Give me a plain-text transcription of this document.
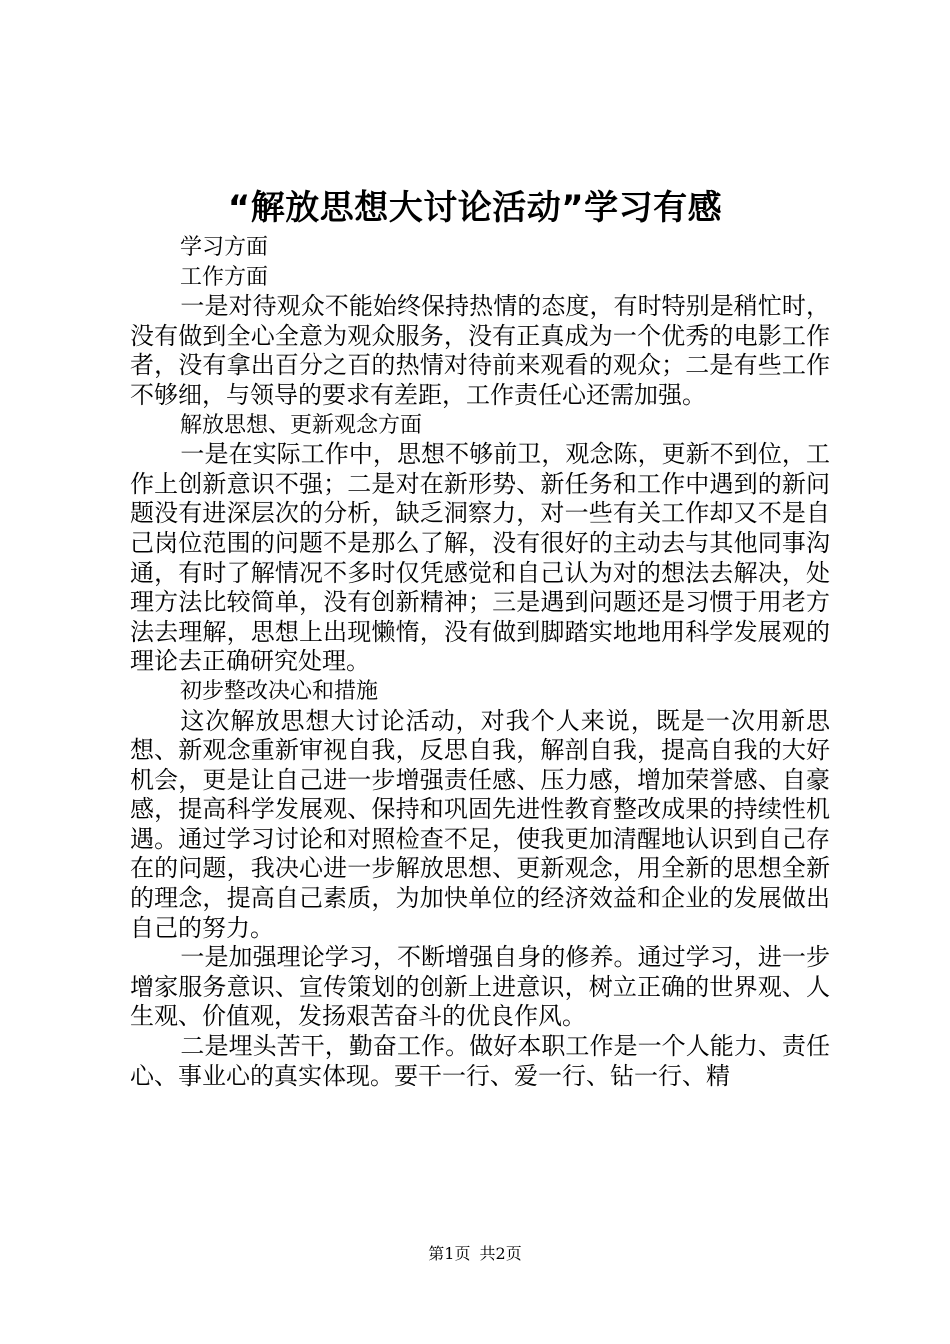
“解放思想大讨论活动”学习有感
学习方面
工作方面

一是对待观众不能始终保持热情的态度，有时特别是稍忙时，没有做到全心全意为观众服务，没有正真成为一个优秀的电影工作者，没有拿出百分之百的热情对待前来观看的观众；二是有些工作不够细，与领导的要求有差距，工作责任心还需加强。

解放思想、更新观念方面

一是在实际工作中，思想不够前卫，观念陈，更新不到位，工作上创新意识不强；二是对在新形势、新任务和工作中遇到的新问题没有进深层次的分析，缺乏洞察力，对一些有关工作却又不是自己岗位范围的问题不是那么了解，没有很好的主动去与其他同事沟通，有时了解情况不多时仅凭感觉和自己认为对的想法去解决，处理方法比较简单，没有创新精神；三是遇到问题还是习惯于用老方法去理解，思想上出现懒惰，没有做到脚踏实地地用科学发展观的理论去正确研究处理。

初步整改决心和措施

这次解放思想大讨论活动，对我个人来说，既是一次用新思想、新观念重新审视自我，反思自我，解剖自我，提高自我的大好机会，更是让自己进一步增强责任感、压力感，增加荣誉感、自豪感，提高科学发展观、保持和巩固先进性教育整改成果的持续性机遇。通过学习讨论和对照检查不足，使我更加清醒地认识到自己存在的问题，我决心进一步解放思想、更新观念，用全新的思想全新的理念，提高自己素质，为加快单位的经济效益和企业的发展做出自己的努力。

一是加强理论学习，不断增强自身的修养。通过学习，进一步增家服务意识、宣传策划的创新上进意识，树立正确的世界观、人生观、价值观，发扬艰苦奋斗的优良作风。

二是埋头苦干，勤奋工作。做好本职工作是一个人能力、责任心、事业心的真实体现。要干一行、爱一行、钻一行、精

第1页 共2页
